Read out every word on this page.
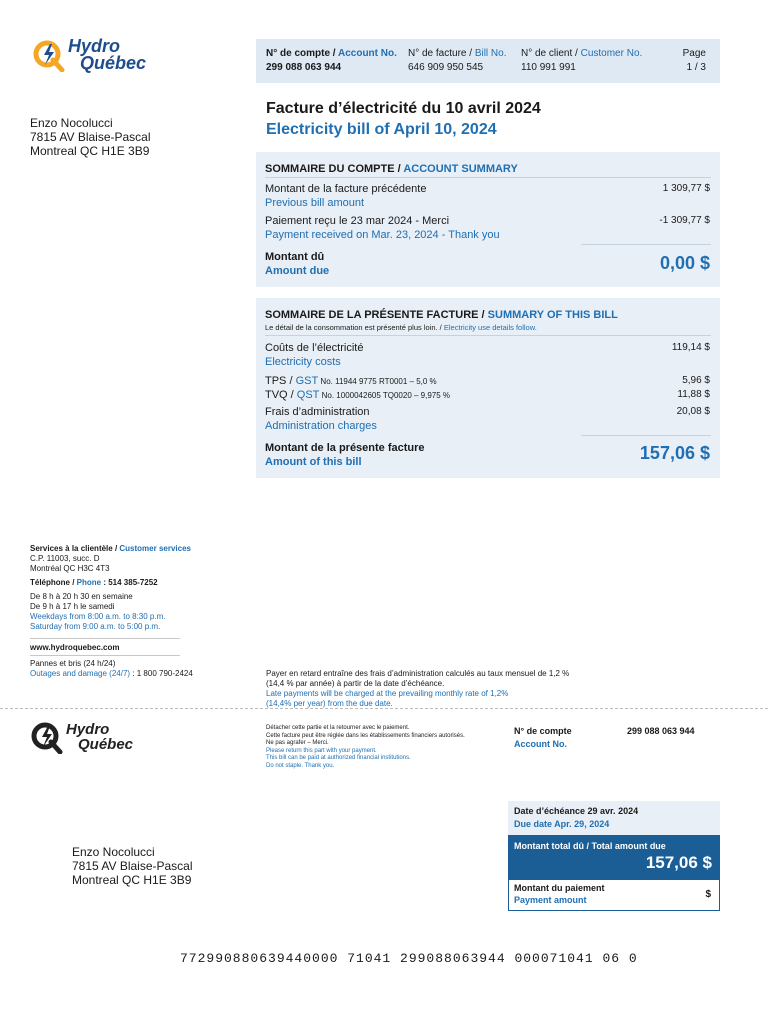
Hydro
Québec	N° de compte / Account No.
299 088 063 944
N° de facture / Bill No.
646 909 950 545
N° de client / Customer No.
110 991 991
Page
1 / 3
Enzo Nocolucci
7815 AV Blaise-Pascal
Montreal QC H1E 3B9
Facture d’électricité du 10 avril 2024
Electricity bill of April 10, 2024
SOMMAIRE DU COMPTE / ACCOUNT SUMMARY
Montant de la facture précédente
Previous bill amount
1 309,77 $
Paiement reçu le 23 mar 2024 - Merci
Payment received on Mar. 23, 2024 - Thank you
-1 309,77 $
Montant dû
Amount due	0,00 $
SOMMAIRE DE LA PRÉSENTE FACTURE / SUMMARY OF THIS BILL
Le détail de la consommation est présenté plus loin. / Electricity use details follow.
Coûts de l’électricité
Electricity costs
119,14 $
TPS / GST No. 11944 9775 RT0001 – 5,0 %	5,96 $
TVQ / QST No. 1000042605 TQ0020 – 9,975 %	11,88 $
Frais d’administration
Administration charges
20,08 $
Montant de la présente facture
Amount of this bill	157,06 $
Services à la clientèle / Customer services
C.P. 11003, succ. D
Montréal QC H3C 4T3
Téléphone / Phone : 514 385-7252
De 8 h à 20 h 30 en semaine
De 9 h à 17 h le samedi
Weekdays from 8:00 a.m. to 8:30 p.m.
Saturday from 9:00 a.m. to 5:00 p.m.
www.hydroquebec.com
Pannes et bris (24 h/24)
Outages and damage (24/7) : 1 800 790-2424	Payer en retard entraîne des frais d’administration calculés au taux mensuel de 1,2 %
(14,4 % par année) à partir de la date d’échéance.
Late payments will be charged at the prevailing monthly rate of 1,2%
(14,4% per year) from the due date.
Hydro
Québec
Détacher cette partie et la retourner avec le paiement.
Cette facture peut être réglée dans les établissements financiers autorisés.
Ne pas agrafer – Merci.
Please return this part with your payment.
This bill can be paid at authorized financial institutions.
Do not staple. Thank you.
N° de compte
Account No.
299 088 063 944
Date d’échéance 29 avr. 2024
Due date Apr. 29, 2024
Montant total dû / Total amount due
157,06 $
Montant du paiement
Payment amount	$
Enzo Nocolucci
7815 AV Blaise-Pascal
Montreal QC H1E 3B9
772990880639440000 71041 299088063944 000071041 06 0
